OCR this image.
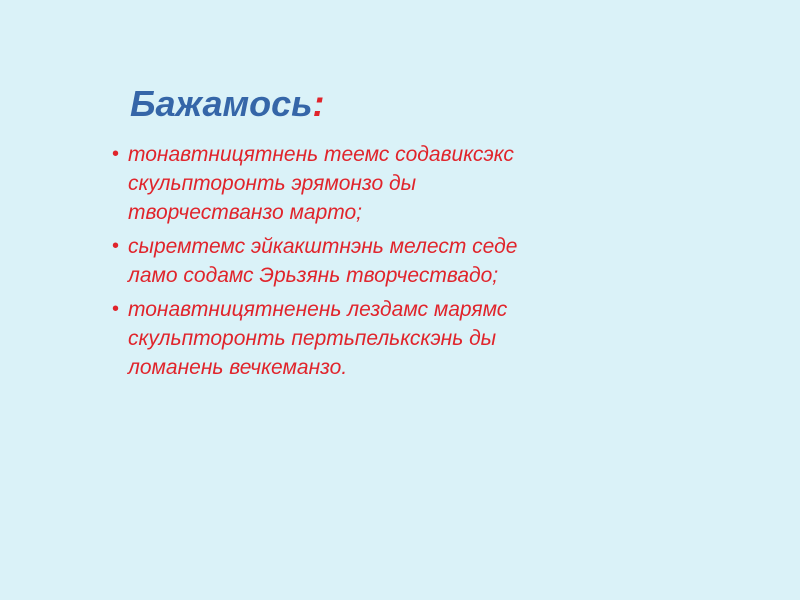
Бажамось:
• тонавтницятнень теемс содавиксэкс
скульпторонть эрямонзо ды
творчестванзо марто;
• сыремтемс эйкакштнэнь мелест седе
ламо содамс Эрьзянь творчествадо;
• тонавтницятненень лездамс марямс
скульпторонть пертьпелькскэнь ды
ломанень вечкеманзо.
